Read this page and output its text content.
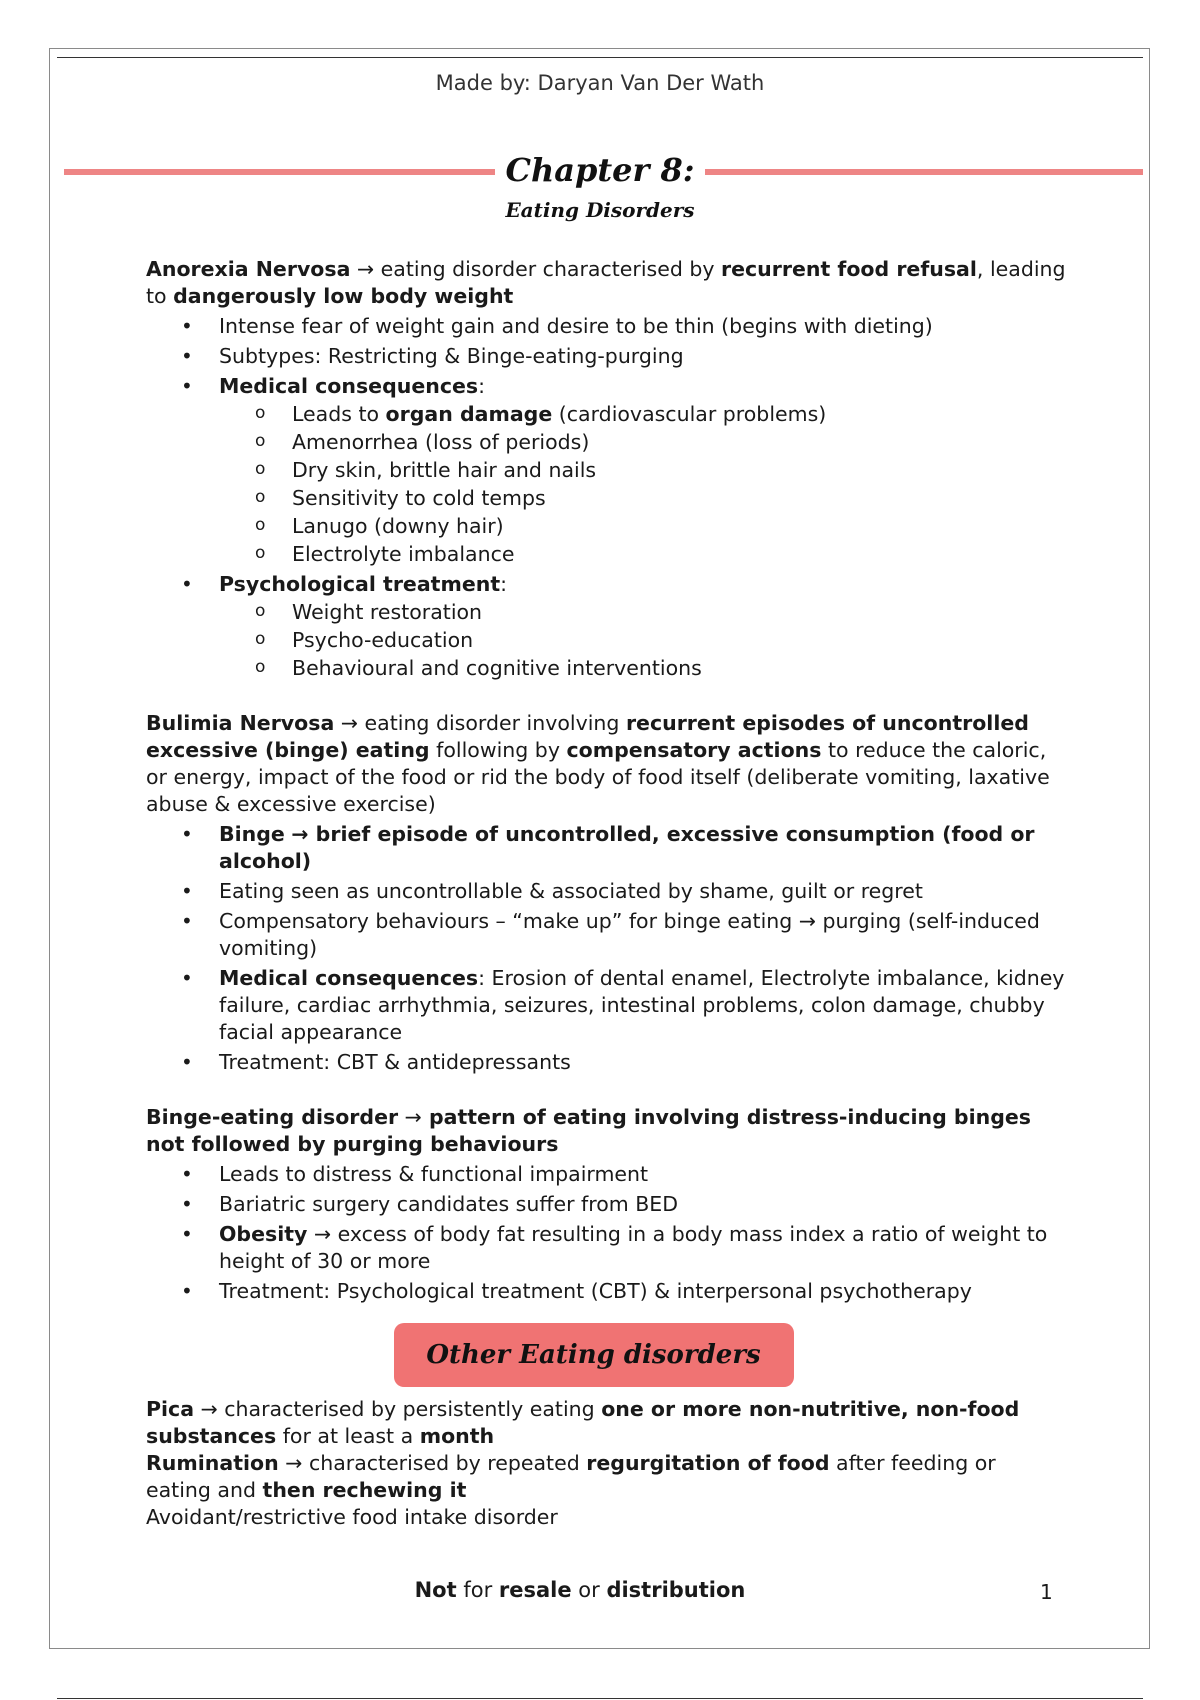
Made by: Daryan Van Der Wath
Chapter 8:
Eating Disorders

Anorexia Nervosa → eating disorder characterised by recurrent food refusal, leading to dangerously low body weight

• Intense fear of weight gain and desire to be thin (begins with dieting)
• Subtypes: Restricting & Binge-eating-purging
• Medical consequences:
o Leads to organ damage (cardiovascular problems)
o Amenorrhea (loss of periods)
o Dry skin, brittle hair and nails
o Sensitivity to cold temps
o Lanugo (downy hair)
o Electrolyte imbalance
• Psychological treatment:
o Weight restoration
o Psycho-education
o Behavioural and cognitive interventions

Bulimia Nervosa → eating disorder involving recurrent episodes of uncontrolled excessive (binge) eating following by compensatory actions to reduce the caloric, or energy, impact of the food or rid the body of food itself (deliberate vomiting, laxative abuse & excessive exercise)

• Binge → brief episode of uncontrolled, excessive consumption (food or alcohol)
• Eating seen as uncontrollable & associated by shame, guilt or regret
• Compensatory behaviours – “make up” for binge eating → purging (self-induced vomiting)
• Medical consequences: Erosion of dental enamel, Electrolyte imbalance, kidney failure, cardiac arrhythmia, seizures, intestinal problems, colon damage, chubby facial appearance
• Treatment: CBT & antidepressants

Binge-eating disorder → pattern of eating involving distress-inducing binges not followed by purging behaviours

• Leads to distress & functional impairment
• Bariatric surgery candidates suffer from BED
• Obesity → excess of body fat resulting in a body mass index a ratio of weight to height of 30 or more
• Treatment: Psychological treatment (CBT) & interpersonal psychotherapy
Other Eating disorders

Pica → characterised by persistently eating one or more non-nutritive, non-food substances for at least a month

Rumination → characterised by repeated regurgitation of food after feeding or eating and then rechewing it

Avoidant/restrictive food intake disorder

Not for resale or distribution	1
